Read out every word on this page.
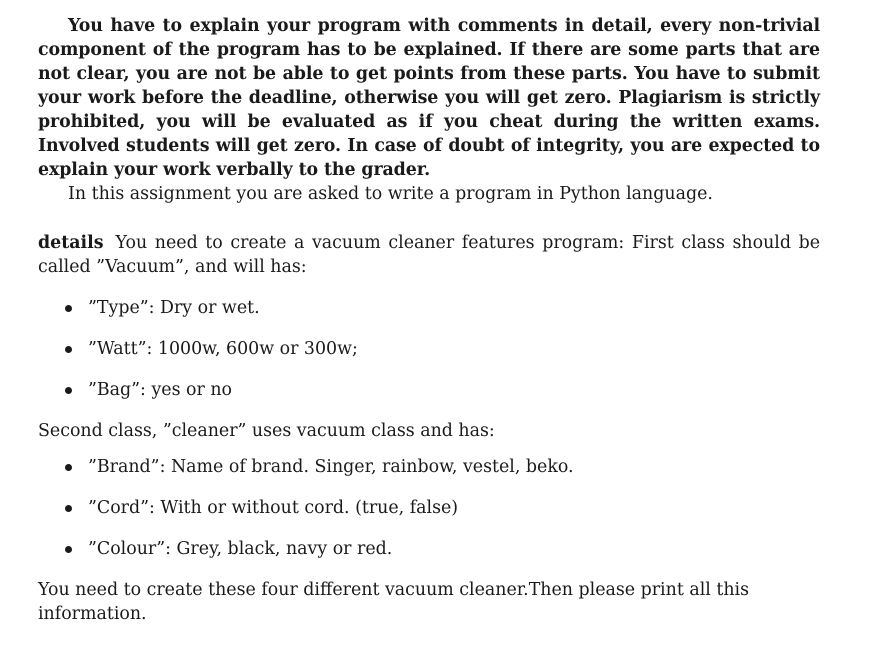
You have to explain your program with comments in detail, every non-trivial component of the program has to be explained. If there are some parts that are not clear, you are not be able to get points from these parts. You have to submit your work before the deadline, otherwise you will get zero. Plagiarism is strictly prohibited, you will be evaluated as if you cheat during the written exams. Involved students will get zero. In case of doubt of integrity, you are expected to explain your work verbally to the grader.

In this assignment you are asked to write a program in Python language.

details You need to create a vacuum cleaner features program: First class should be called ”Vacuum”, and will has:

”Type”: Dry or wet.
”Watt”: 1000w, 600w or 300w;
”Bag”: yes or no

Second class, ”cleaner” uses vacuum class and has:

”Brand”: Name of brand. Singer, rainbow, vestel, beko.
”Cord”: With or without cord. (true, false)
”Colour”: Grey, black, navy or red.

You need to create these four different vacuum cleaner.Then please print all this information.
